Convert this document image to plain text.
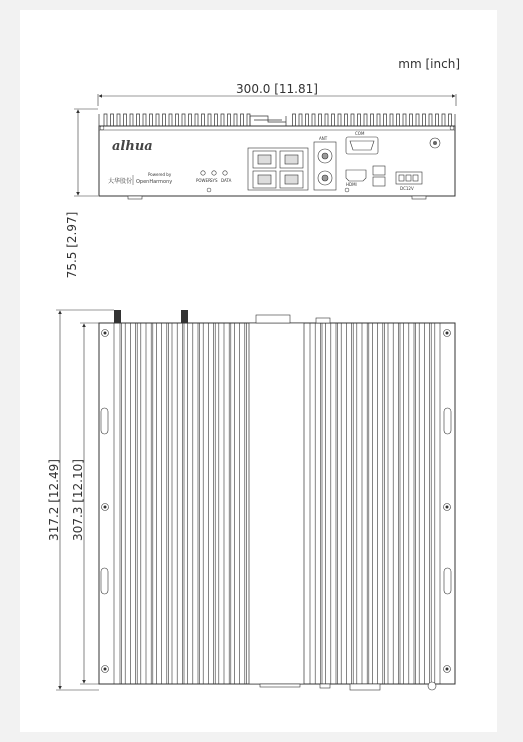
mm [inch]
300.0 [11.81]
alhua
大华股份
Powered by
OpenHarmony	POWER SYS DATA
ANT
COM
HDMI
DC12V
75.5 [2.97]
317.2 [12.49] 307.3 [12.10]
